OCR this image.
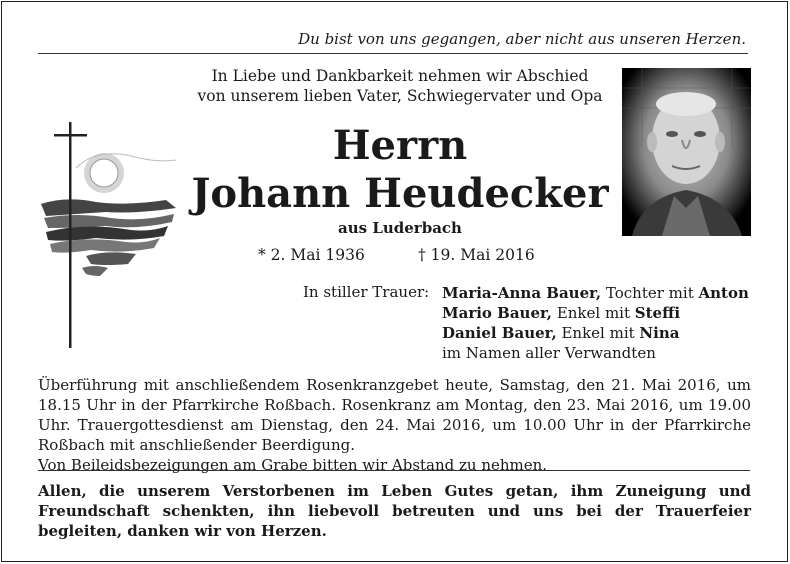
Du bist von uns gegangen, aber nicht aus unseren Herzen.
In Liebe und Dankbarkeit nehmen wir Abschied
von unserem lieben Vater, Schwiegervater und Opa
Herrn
Johann Heudecker
aus Luderbach
* 2. Mai 1936	† 19. Mai 2016
In stiller Trauer: Maria-Anna Bauer, Tochter mit Anton
Mario Bauer, Enkel mit Steffi
Daniel Bauer, Enkel mit Nina
im Namen aller Verwandten

Überführung mit anschließendem Rosenkranzgebet heute, Samstag, den 21. Mai 2016, um 18.15 Uhr in der Pfarrkirche Roßbach. Rosenkranz am Montag, den 23. Mai 2016, um 19.00 Uhr. Trauergottesdienst am Dienstag, den 24. Mai 2016, um 10.00 Uhr in der Pfarrkirche Roßbach mit anschließender Beerdigung.

Von Beileidsbezeigungen am Grabe bitten wir Abstand zu nehmen.

Allen, die unserem Verstorbenen im Leben Gutes getan, ihm Zuneigung und Freundschaft schenkten, ihn liebevoll betreuten und uns bei der Trauerfeier begleiten, danken wir von Herzen.
